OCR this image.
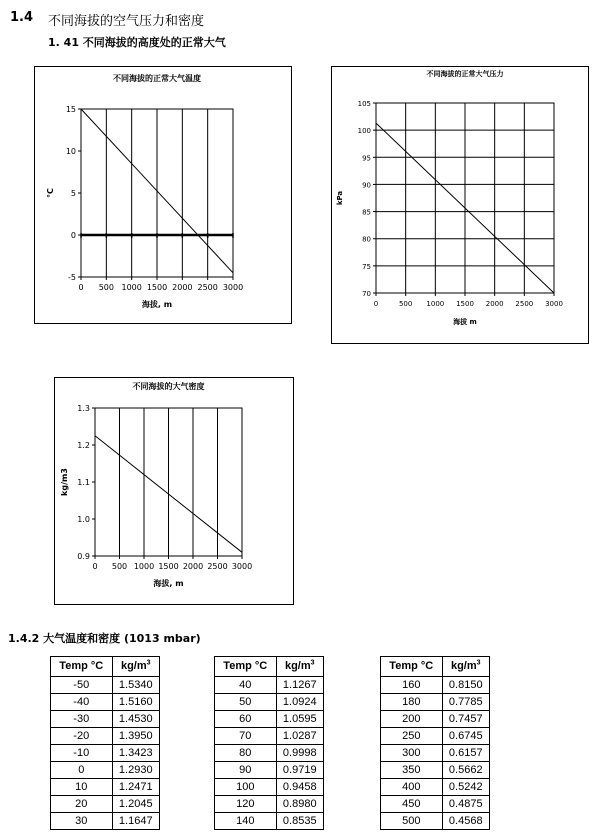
1.4 不同海拔的空气压力和密度
1. 41 不同海拔的高度处的正常大气
不同海拔的正常大气温度
0 500 1000 1500 2000 2500 3000
-5
0
5
10
15
海拔, m
°C
不同海拔的正常大气压力
0	500 1000 1500 2000 2500 3000
70
75
80
85
90
95
100
105
海拔 m
kPa
不同海拔的大气密度
0 500 1000 1500 2000 2500 3000
0.9
1.0
1.1
1.2
1.3
海拔, m
kg/m3
1.4.2 大气温度和密度 (1013 mbar)
Temp °C	$kg/m^3$
-50	1.5340
-40	1.5160
-30	1.4530
-20	1.3950
-10	1.3423
0	1.2930
10	1.2471
20	1.2045
30	1.1647
Temp °C	$kg/m^3$
40	1.1267
50	1.0924
60	1.0595
70	1.0287
80	0.9998
90	0.9719
100	0.9458
120	0.8980
140	0.8535
Temp °C	$kg/m^3$
160	0.8150
180	0.7785
200	0.7457
250	0.6745
300	0.6157
350	0.5662
400	0.5242
450	0.4875
500	0.4568
